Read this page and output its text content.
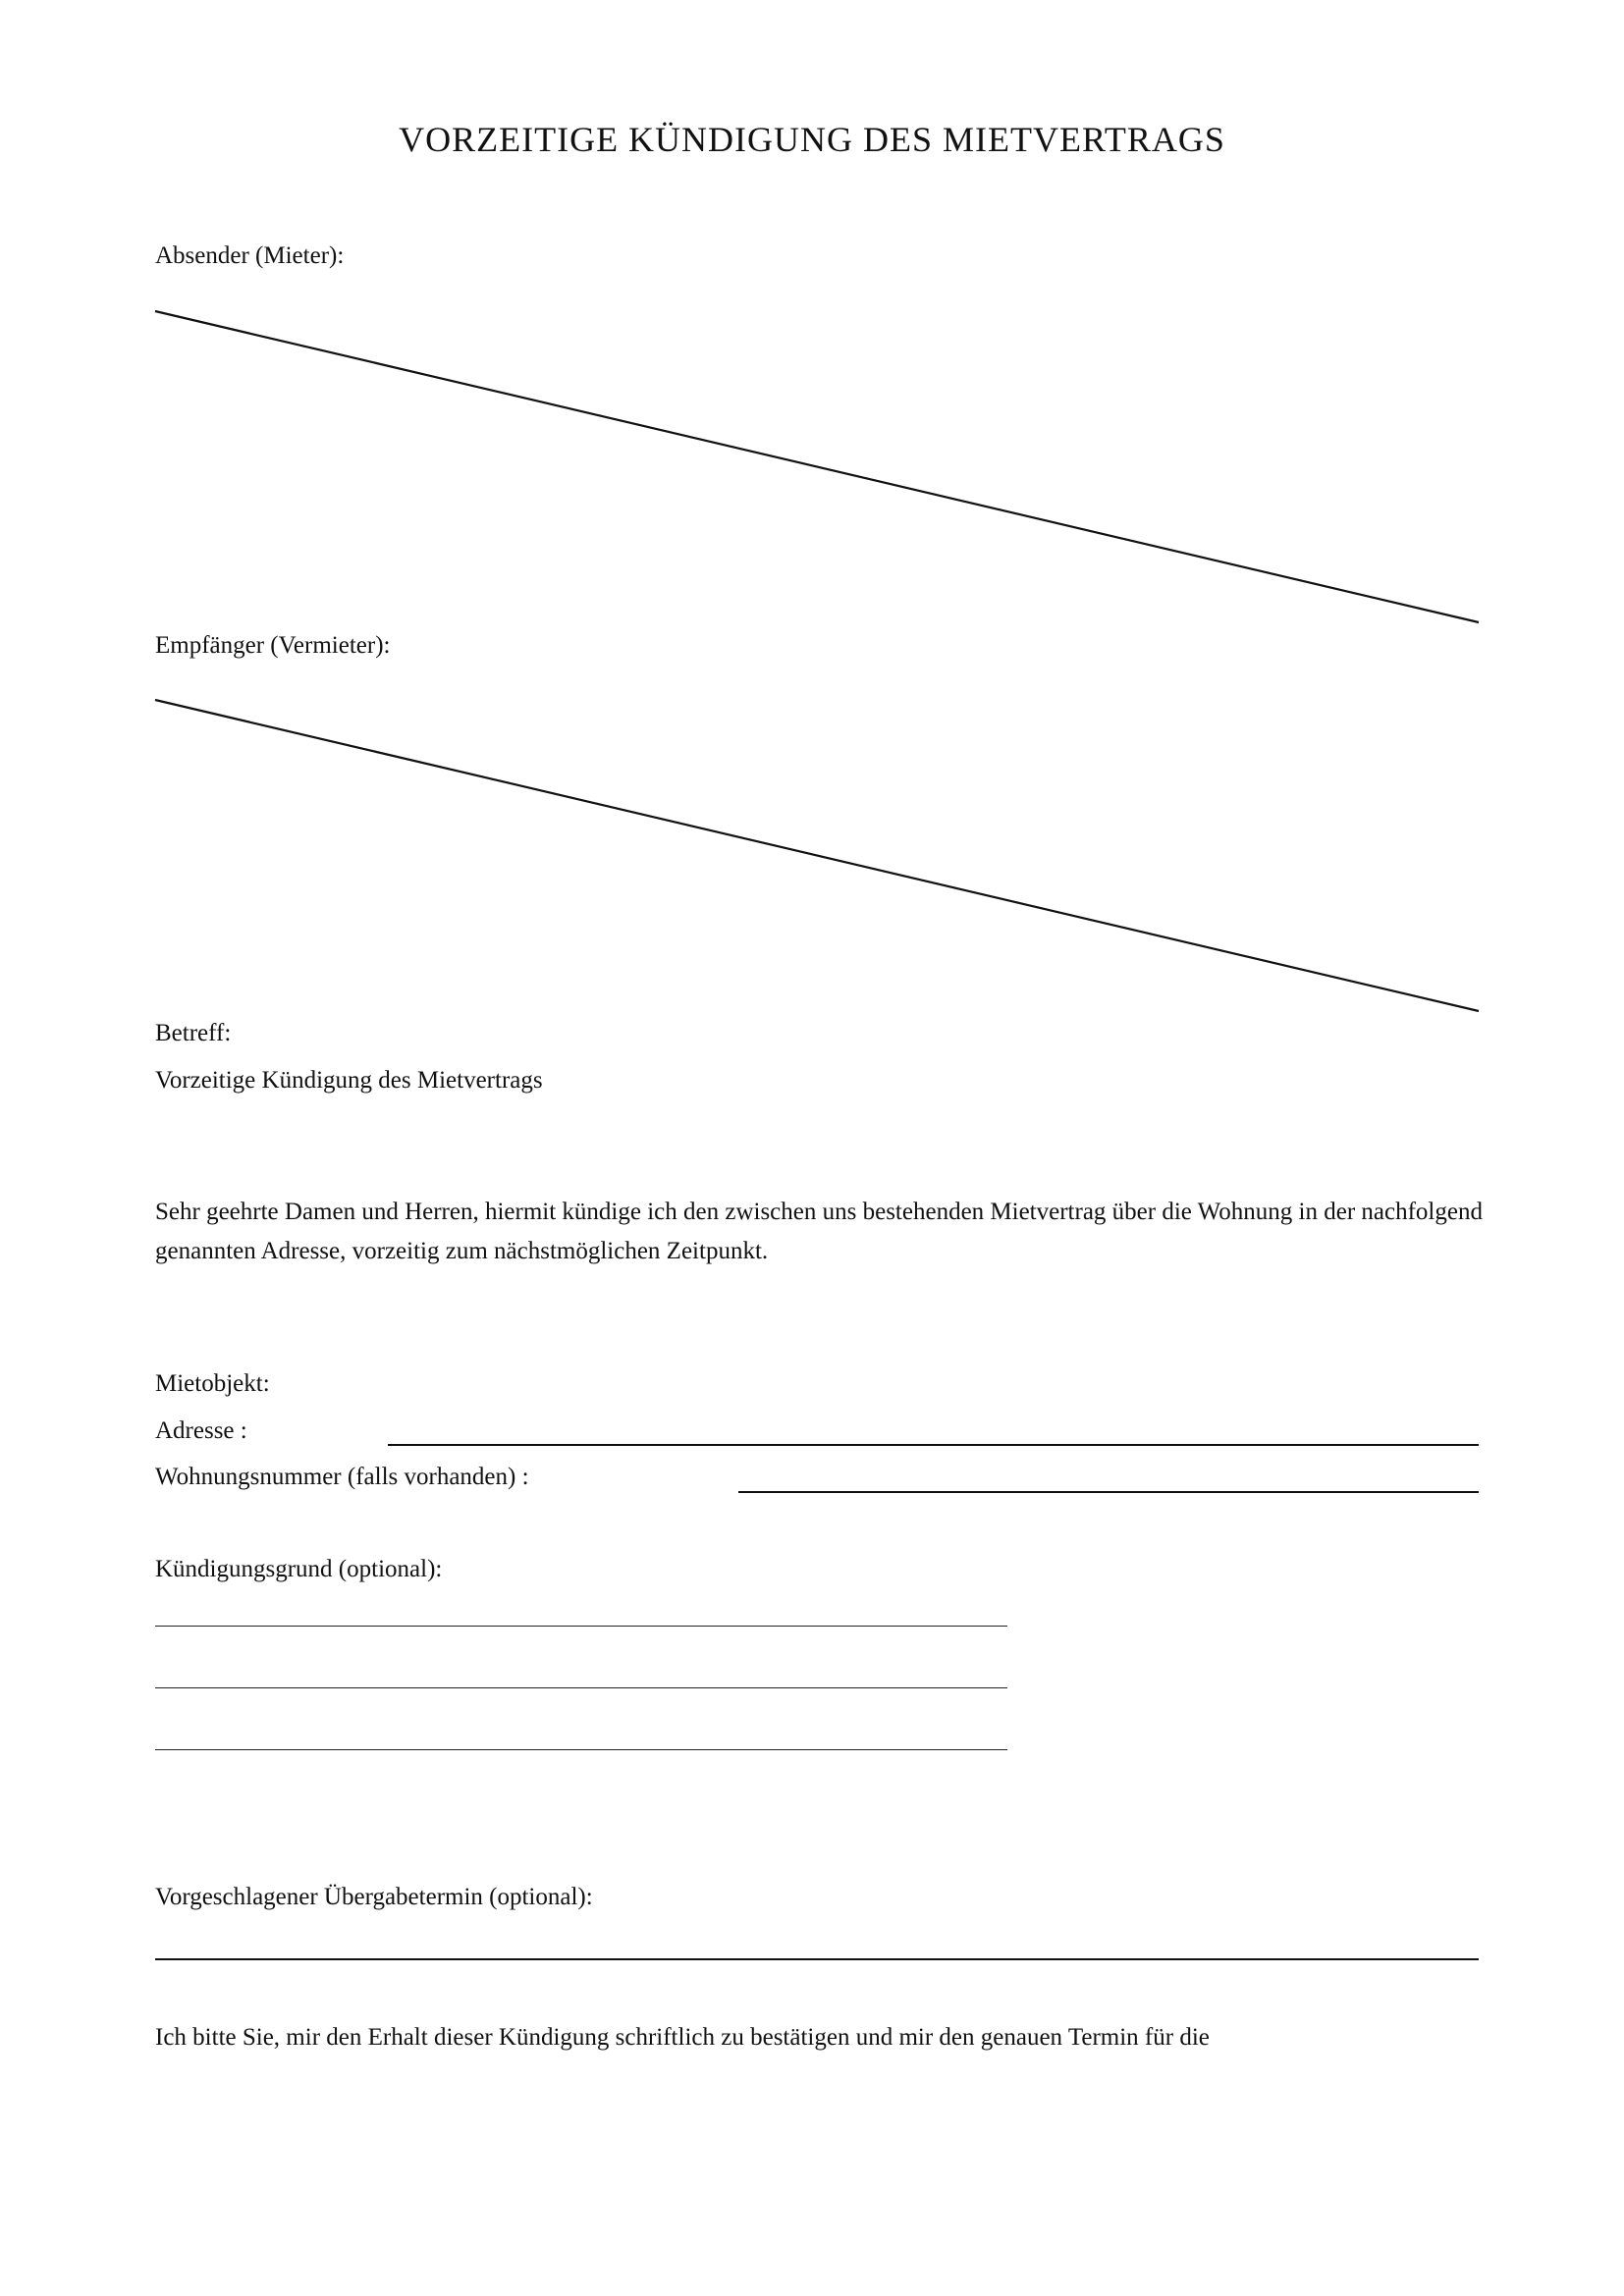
VORZEITIGE KÜNDIGUNG DES MIETVERTRAGS
Absender (Mieter):
Empfänger (Vermieter):
Betreff:
Vorzeitige Kündigung des Mietvertrags
Sehr geehrte Damen und Herren, hiermit kündige ich den zwischen uns bestehenden Mietvertrag über die Wohnung in der nachfolgend genannten Adresse, vorzeitig zum nächstmöglichen Zeitpunkt.
Mietobjekt:
Adresse :
Wohnungsnummer (falls vorhanden) :
Kündigungsgrund (optional):
Vorgeschlagener Übergabetermin (optional):
Ich bitte Sie, mir den Erhalt dieser Kündigung schriftlich zu bestätigen und mir den genauen Termin für die
